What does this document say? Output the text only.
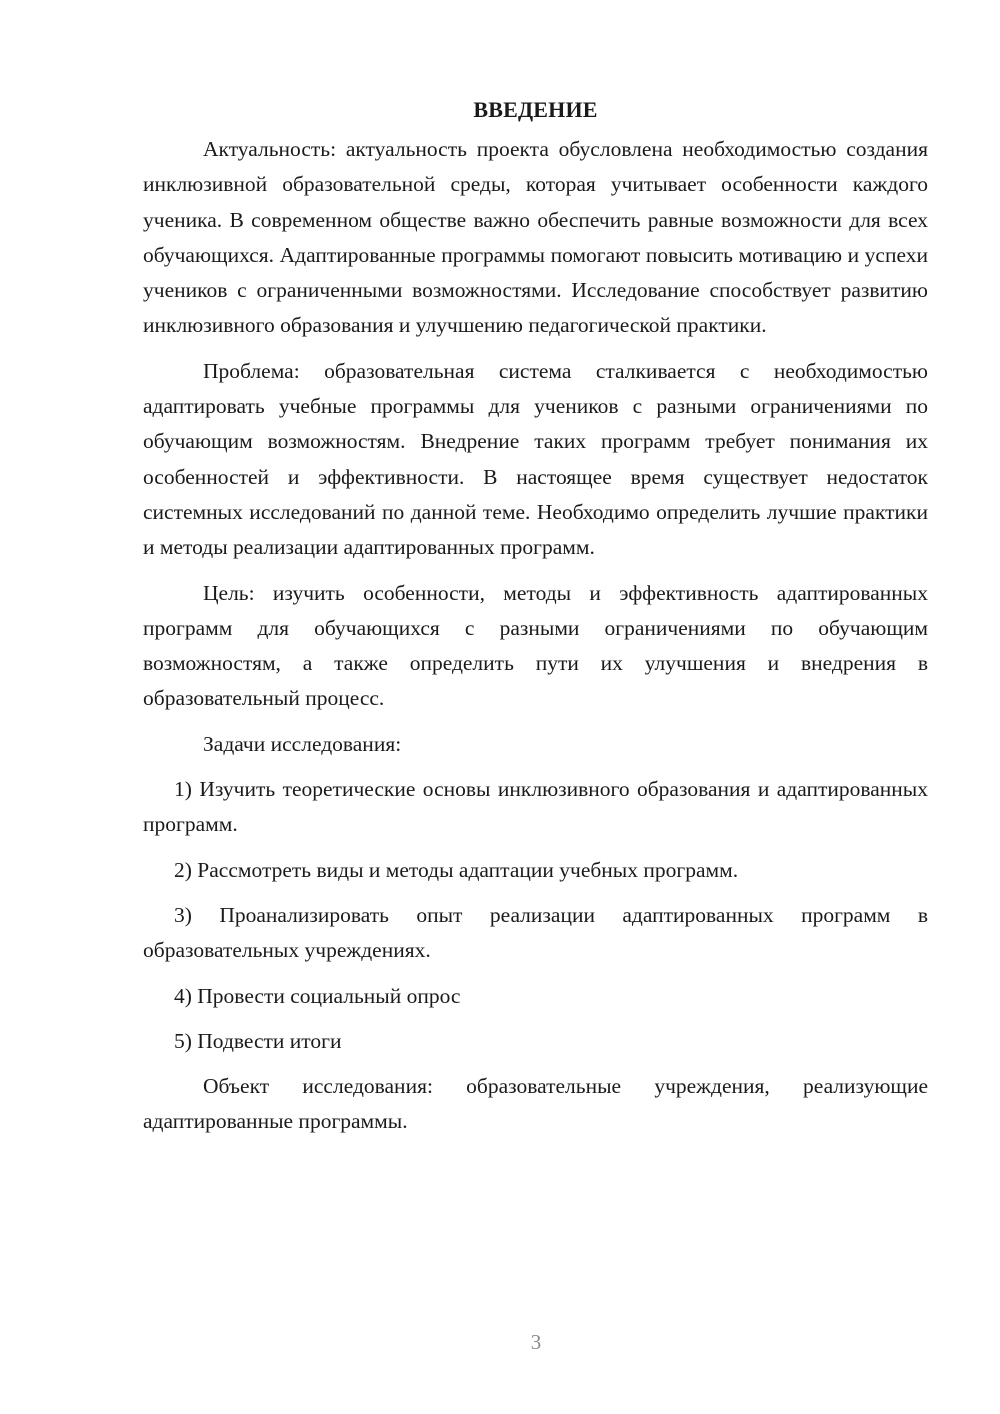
ВВЕДЕНИЕ

Актуальность: актуальность проекта обусловлена необходимостью создания инклюзивной образовательной среды, которая учитывает особенности каждого ученика. В современном обществе важно обеспечить равные возможности для всех обучающихся. Адаптированные программы помогают повысить мотивацию и успехи учеников с ограниченными возможностями. Исследование способствует развитию инклюзивного образования и улучшению педагогической практики.

Проблема: образовательная система сталкивается с необходимостью адаптировать учебные программы для учеников с разными ограничениями по обучающим возможностям. Внедрение таких программ требует понимания их особенностей и эффективности. В настоящее время существует недостаток системных исследований по данной теме. Необходимо определить лучшие практики и методы реализации адаптированных программ.

Цель: изучить особенности, методы и эффективность адаптированных программ для обучающихся с разными ограничениями по обучающим возможностям, а также определить пути их улучшения и внедрения в образовательный процесс.

Задачи исследования:

1) Изучить теоретические основы инклюзивного образования и адаптированных программ.

2) Рассмотреть виды и методы адаптации учебных программ.

3) Проанализировать опыт реализации адаптированных программ в образовательных учреждениях.

4) Провести социальный опрос

5) Подвести итоги

Объект исследования: образовательные учреждения, реализующие адаптированные программы.

3
